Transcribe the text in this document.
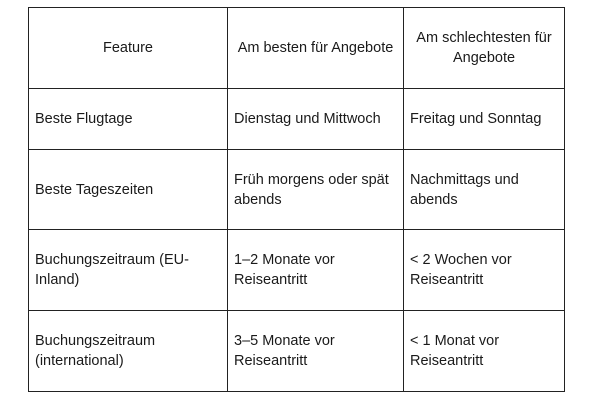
Feature	Am besten für Angebote	Am schlechtesten für Angebote
Beste Flugtage	Dienstag und Mittwoch	Freitag und Sonntag
Beste Tageszeiten	Früh morgens oder spät abends	Nachmittags und abends
Buchungszeitraum (EU-Inland)	1–2 Monate vor Reiseantritt	< 2 Wochen vor Reiseantritt
Buchungszeitraum (international)	3–5 Monate vor Reiseantritt	< 1 Monat vor Reiseantritt
